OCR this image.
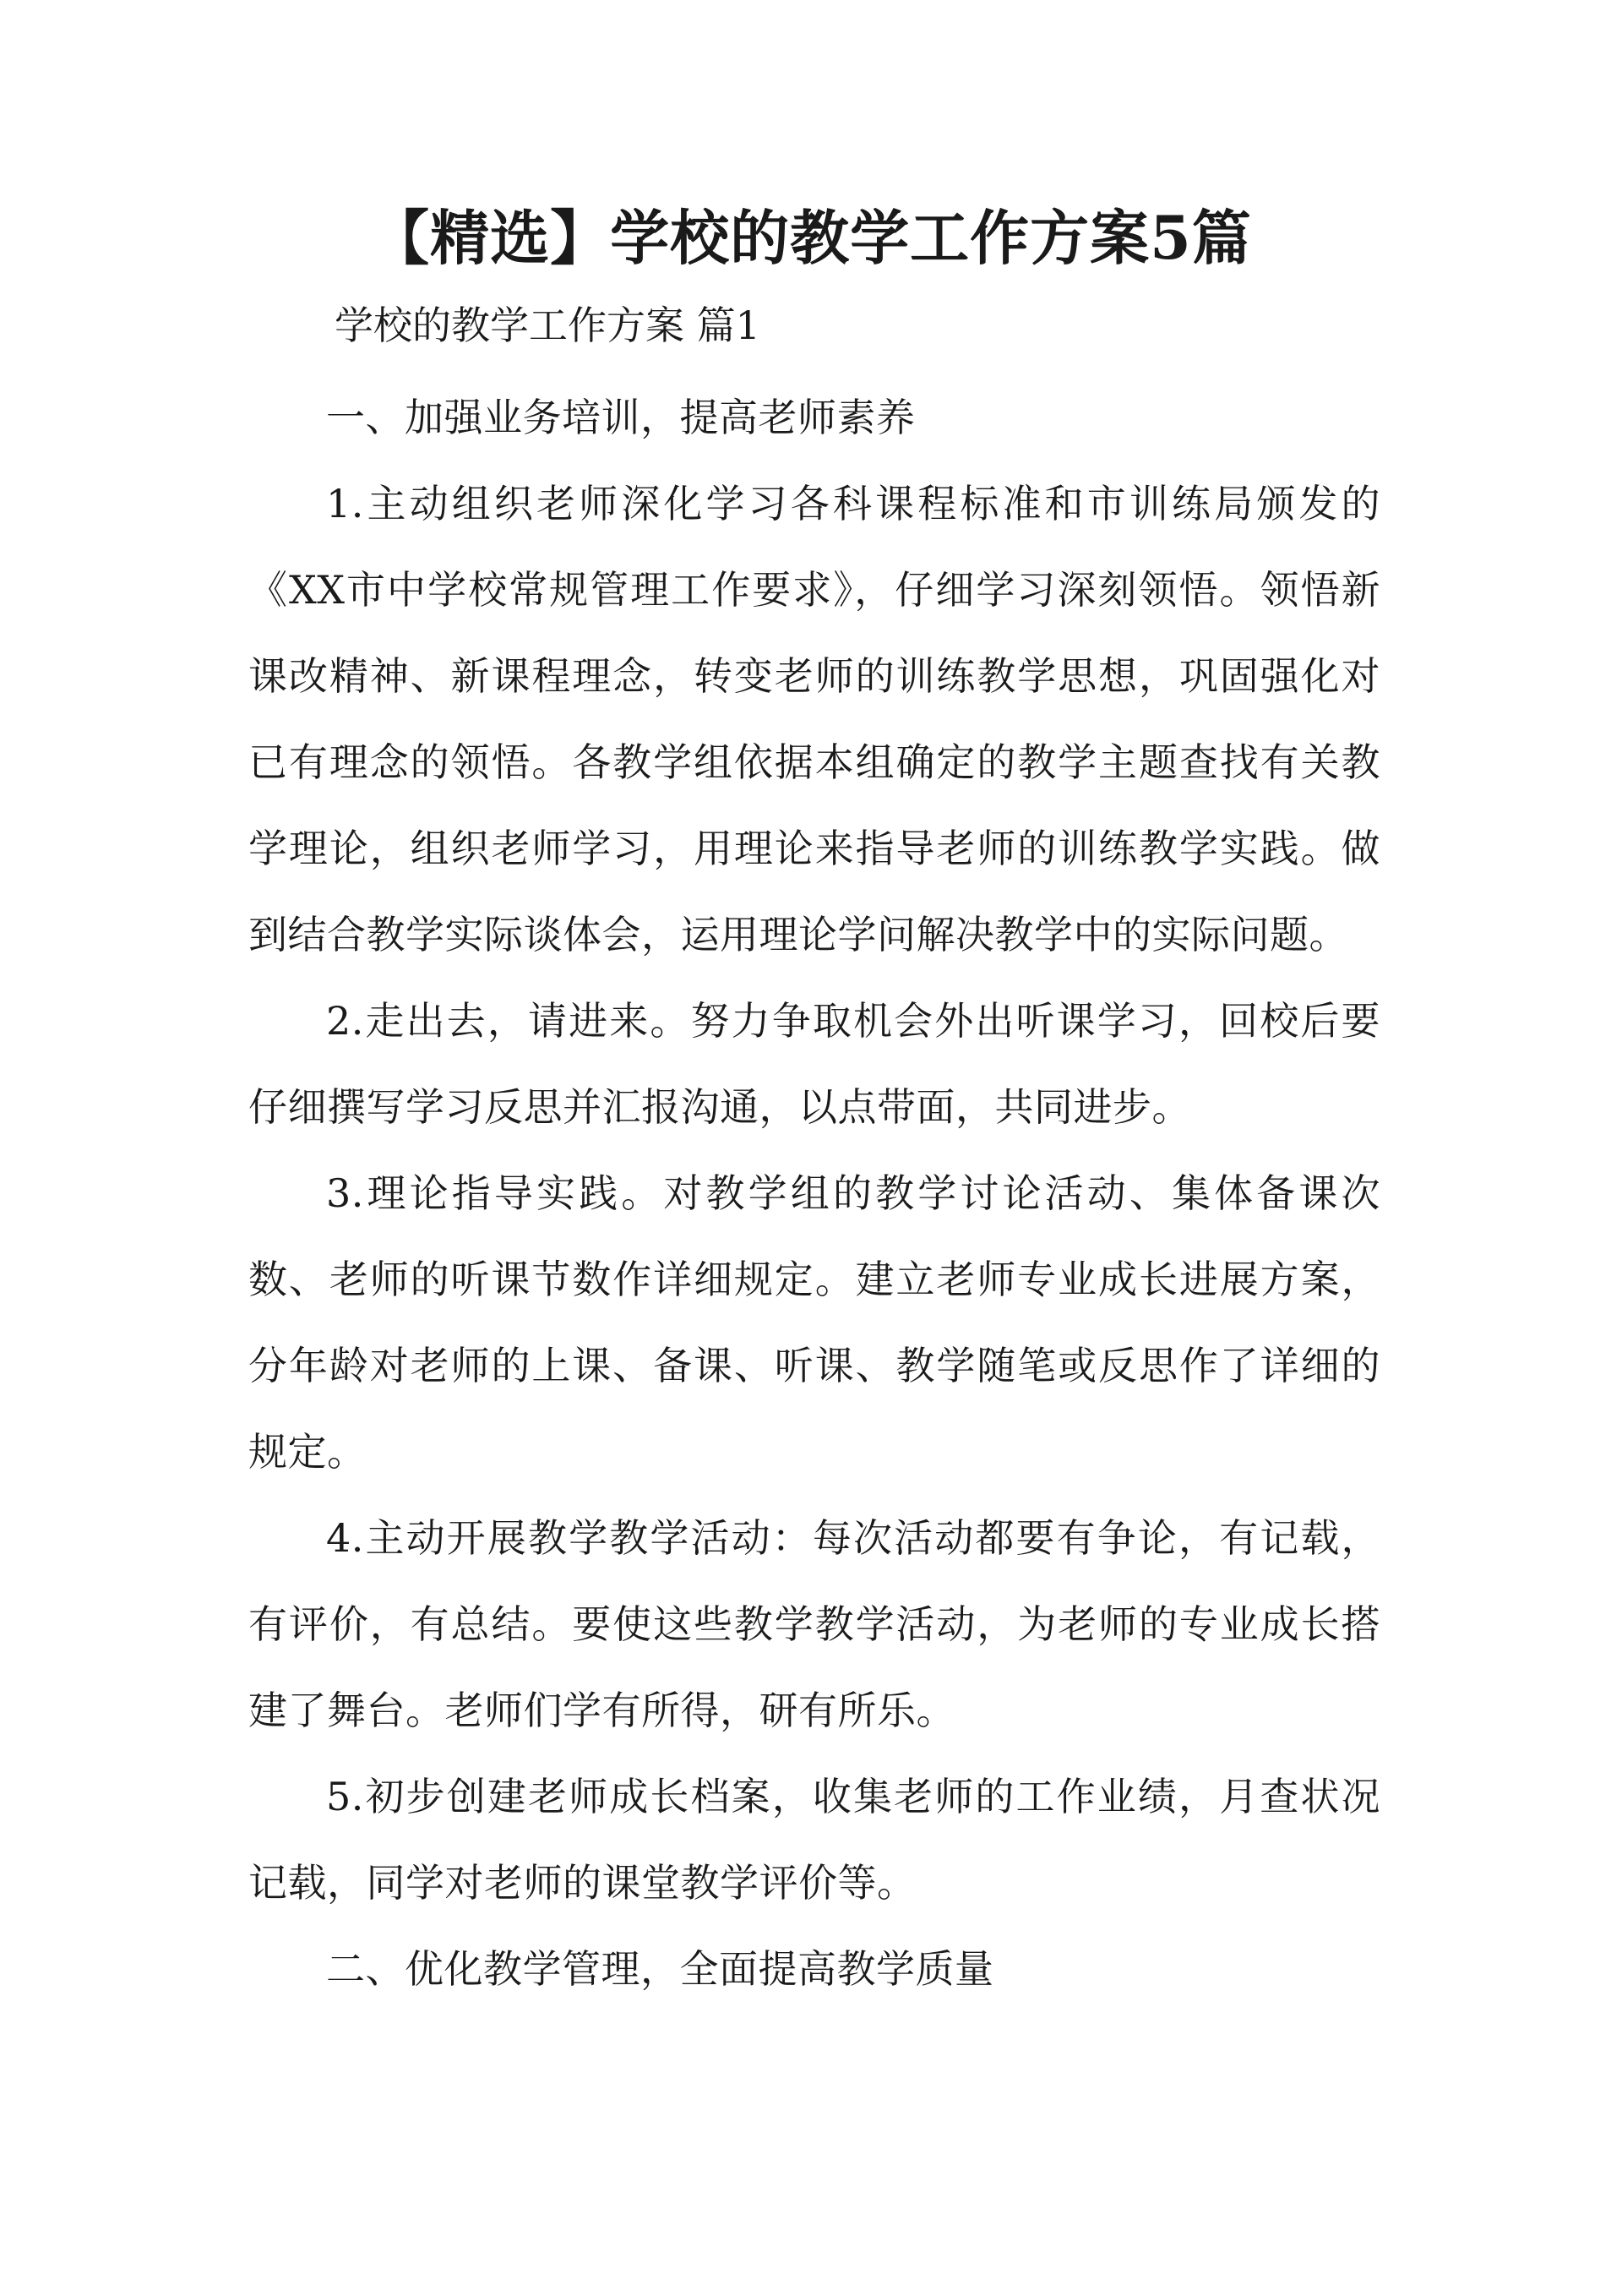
【精选】学校的教学工作方案5篇
学校的教学工作方案 篇1

一、加强业务培训，提高老师素养

1.主动组织老师深化学习各科课程标准和市训练局颁发的《XX市中学校常规管理工作要求》，仔细学习深刻领悟。领悟新课改精神、新课程理念，转变老师的训练教学思想，巩固强化对已有理念的领悟。各教学组依据本组确定的教学主题查找有关教学理论，组织老师学习，用理论来指导老师的训练教学实践。做到结合教学实际谈体会，运用理论学问解决教学中的实际问题。

2.走出去，请进来。努力争取机会外出听课学习，回校后要仔细撰写学习反思并汇报沟通，以点带面，共同进步。

3.理论指导实践。对教学组的教学讨论活动、集体备课次数、老师的听课节数作详细规定。建立老师专业成长进展方案，分年龄对老师的上课、备课、听课、教学随笔或反思作了详细的规定。

4.主动开展教学教学活动：每次活动都要有争论，有记载，有评价，有总结。要使这些教学教学活动，为老师的专业成长搭建了舞台。老师们学有所得，研有所乐。

5.初步创建老师成长档案，收集老师的工作业绩，月查状况记载，同学对老师的课堂教学评价等。

二、优化教学管理，全面提高教学质量
